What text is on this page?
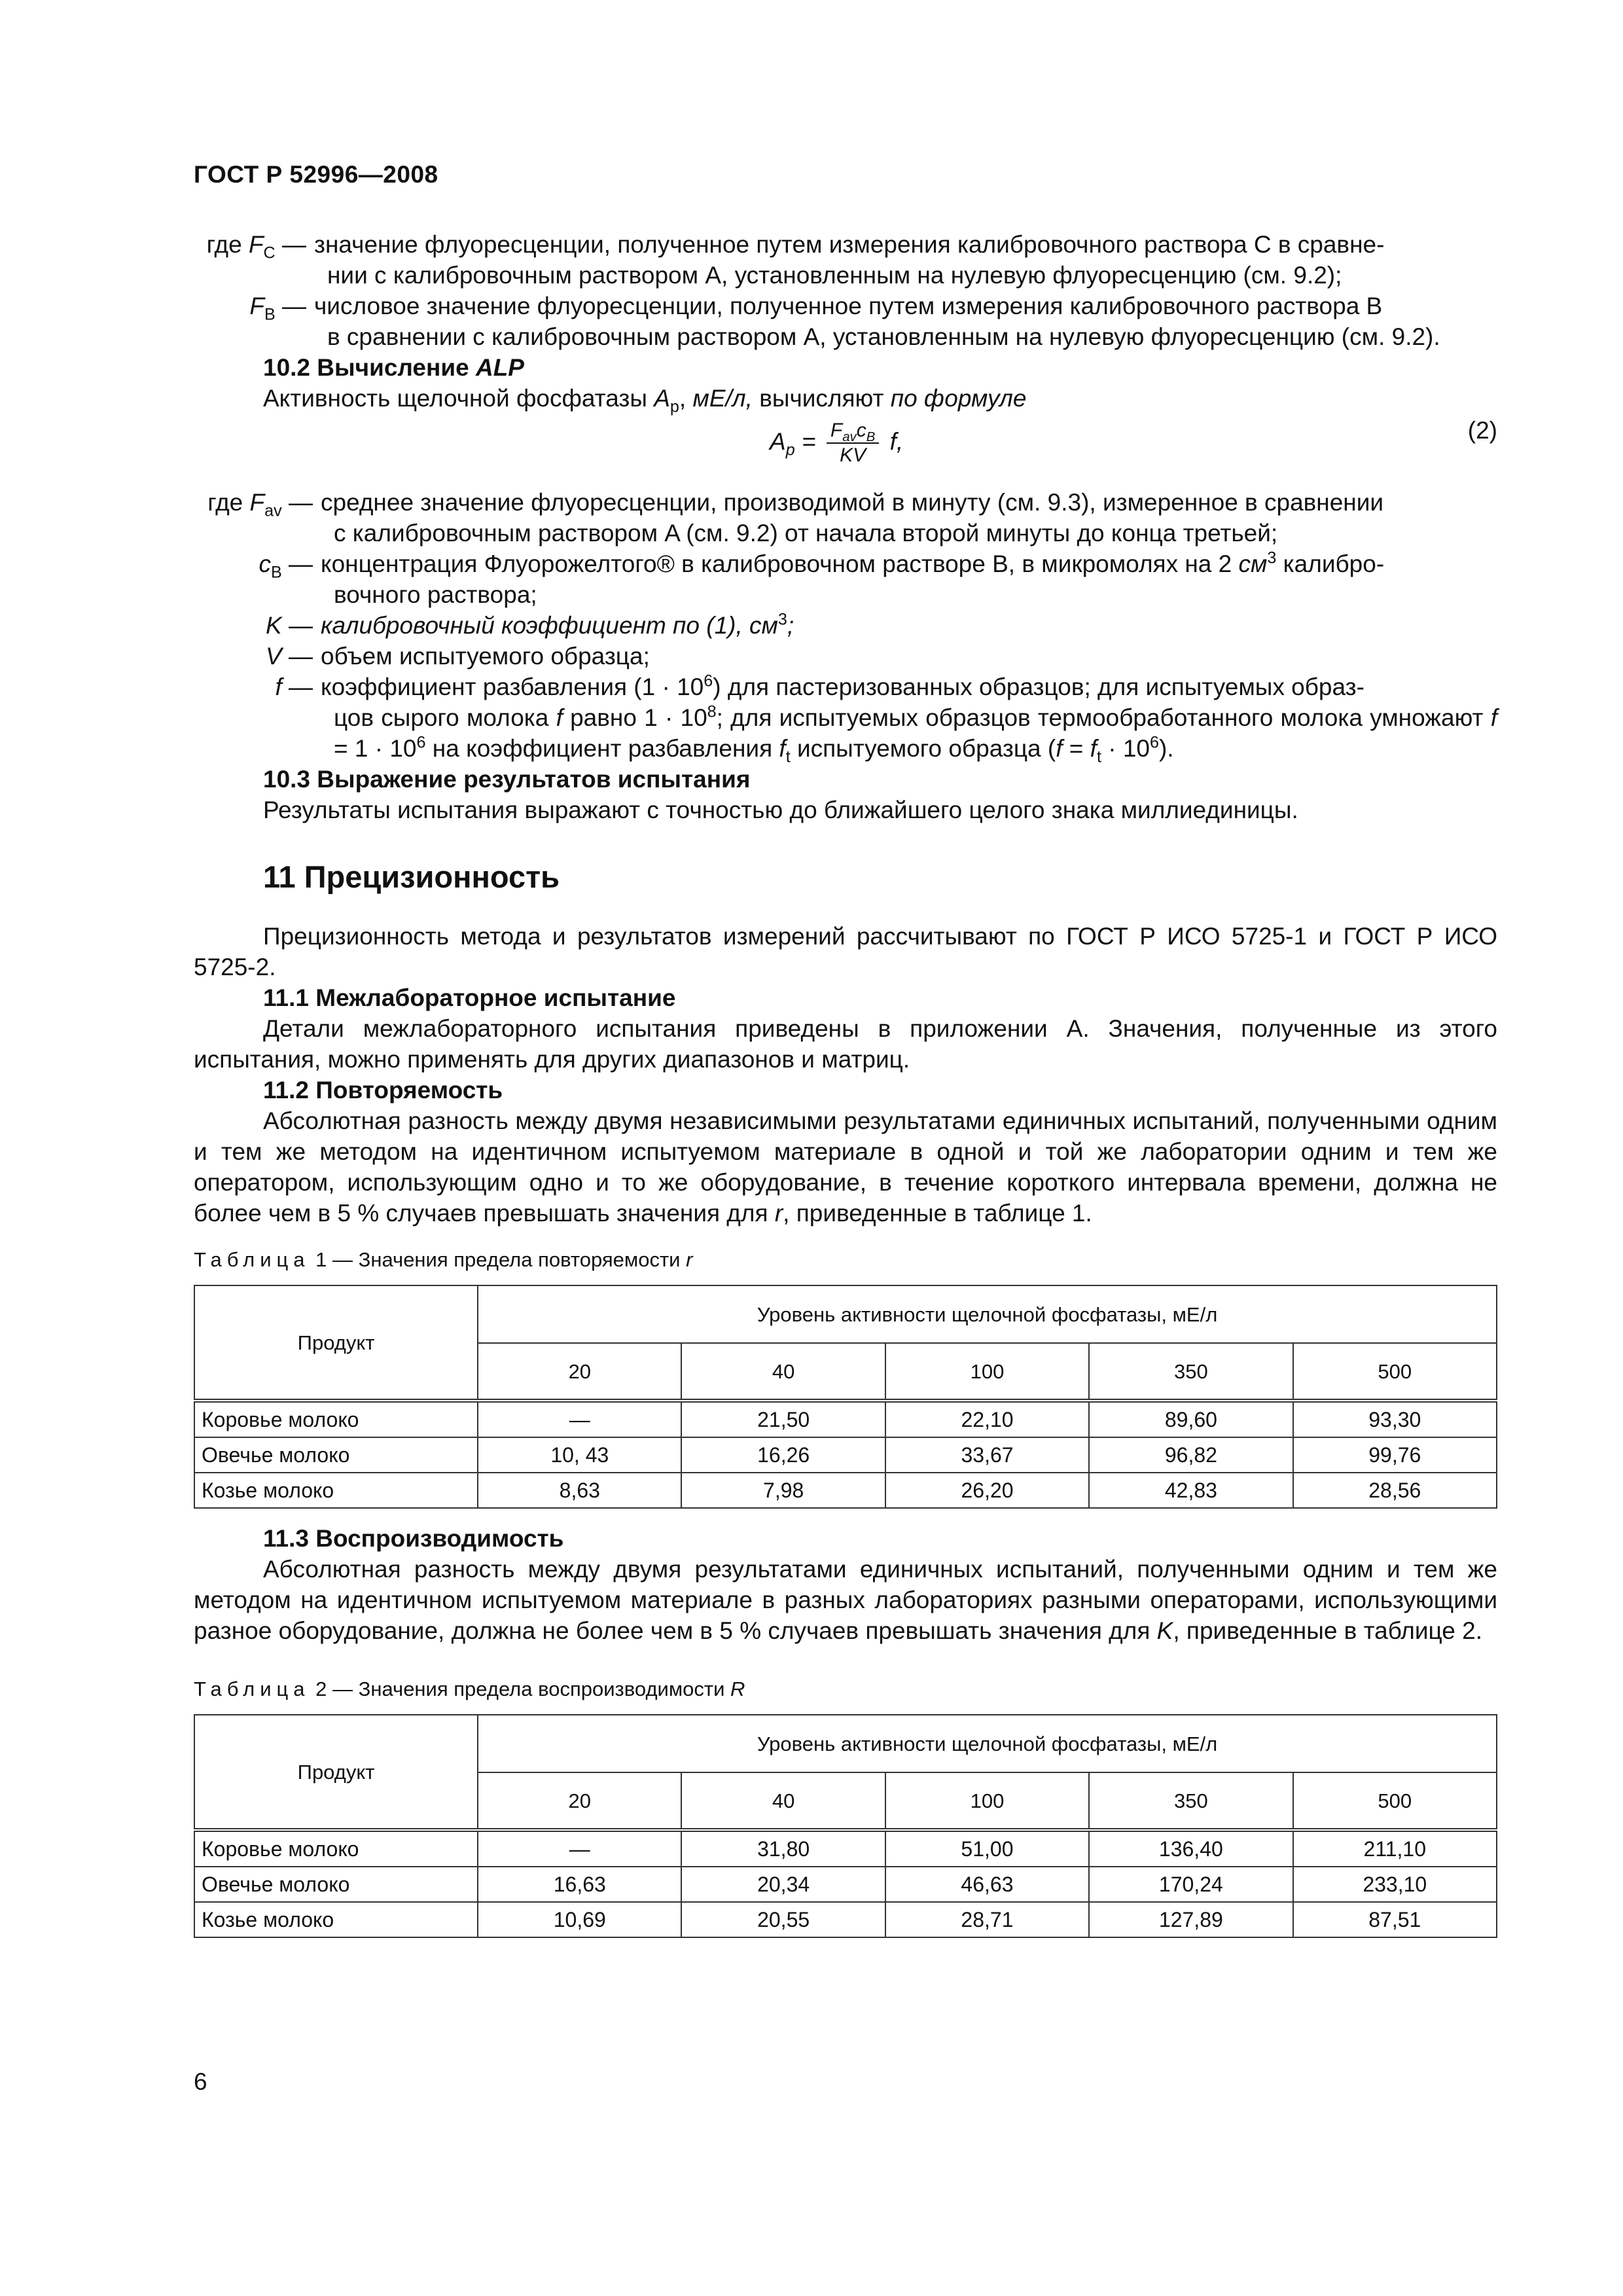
ГОСТ Р 52996—2008
где $F_C$ — значение флуоресценции, полученное путем измерения калибровочного раствора C в сравне-
нии с калибровочным раствором A, установленным на нулевую флуоресценцию (см. 9.2);
$F_B$ — числовое значение флуоресценции, полученное путем измерения калибровочного раствора B
в сравнении с калибровочным раствором A, установленным на нулевую флуоресценцию (см. 9.2).

10.2 Вычисление ALP

Активность щелочной фосфатазы $A_p$, мЕ/л, вычисляют по формуле

$A_p = \frac{F_{av}c_B}{KV} f$,	(2)
где $F_{av}$ — среднее значение флуоресценции, производимой в минуту (см. 9.3), измеренное в сравнении
с калибровочным раствором A (см. 9.2) от начала второй минуты до конца третьей;
$c_B$ — концентрация Флуорожелтого® в калибровочном растворе B, в микромолях на 2 $см^3$ калибро-
вочного раствора;
K — калибровочный коэффициент по (1), $см^3$;
V — объем испытуемого образца;
f — коэффициент разбавления $(1 \cdot 10^6)$ для пастеризованных образцов; для испытуемых образ-
цов сырого молока f равно $1 \cdot 10^8$; для испытуемых образцов термообработанного молока умножают $f = 1 \cdot 10^6$ на коэффициент разбавления $f_t$ испытуемого образца $(f = f_t \cdot 10^6)$.

10.3 Выражение результатов испытания

Результаты испытания выражают с точностью до ближайшего целого знака миллиединицы.

11 Прецизионность

Прецизионность метода и результатов измерений рассчитывают по ГОСТ Р ИСО 5725-1 и ГОСТ Р ИСО 5725-2.

11.1 Межлабораторное испытание

Детали межлабораторного испытания приведены в приложении А. Значения, полученные из этого испытания, можно применять для других диапазонов и матриц.

11.2 Повторяемость

Абсолютная разность между двумя независимыми результатами единичных испытаний, полученными одним и тем же методом на идентичном испытуемом материале в одной и той же лаборатории одним и тем же оператором, использующим одно и то же оборудование, в течение короткого интервала времени, должна не более чем в 5 % случаев превышать значения для r, приведенные в таблице 1.

Таблица 1 — Значения предела повторяемости r

Продукт	Уровень активности щелочной фосфатазы, мЕ/л				
	20	40	100	350	500
Коровье молоко	—	21,50	22,10	89,60	93,30
Овечье молоко	10, 43	16,26	33,67	96,82	99,76
Козье молоко	8,63	7,98	26,20	42,83	28,56

11.3 Воспроизводимость

Абсолютная разность между двумя результатами единичных испытаний, полученными одним и тем же методом на идентичном испытуемом материале в разных лабораториях разными операторами, использующими разное оборудование, должна не более чем в 5 % случаев превышать значения для K, приведенные в таблице 2.

Таблица 2 — Значения предела воспроизводимости R

Продукт	Уровень активности щелочной фосфатазы, мЕ/л				
	20	40	100	350	500
Коровье молоко	—	31,80	51,00	136,40	211,10
Овечье молоко	16,63	20,34	46,63	170,24	233,10
Козье молоко	10,69	20,55	28,71	127,89	87,51
6
